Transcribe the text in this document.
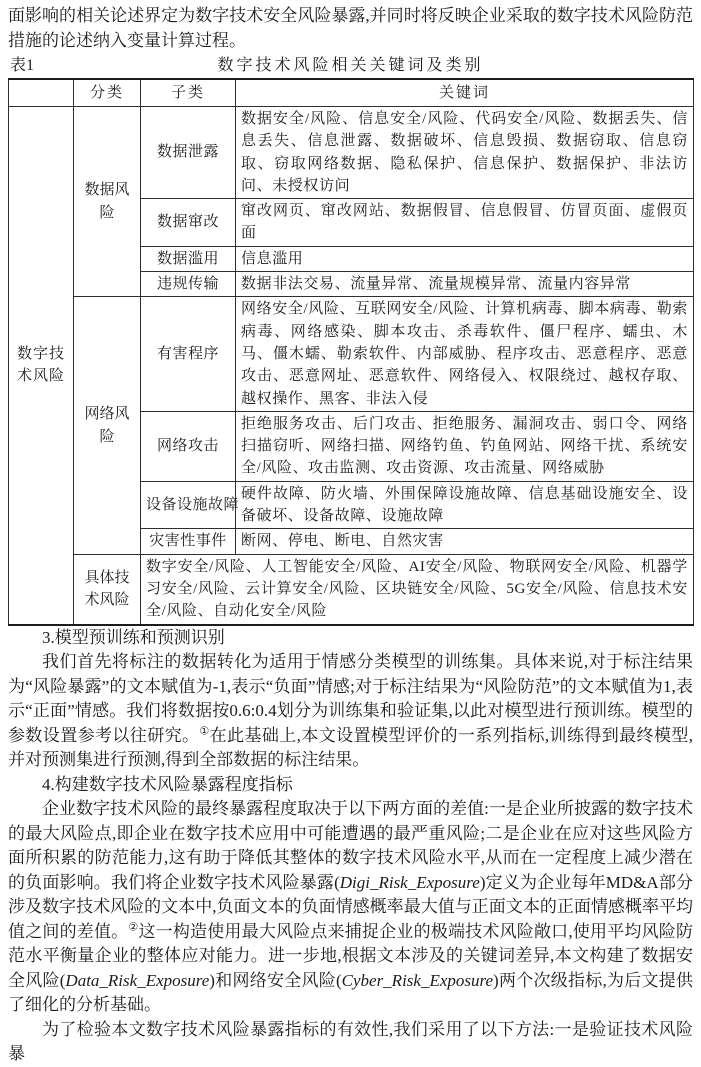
面影响的相关论述界定为数字技术安全风险暴露,并同时将反映企业采取的数字技术风险防范措施的论述纳入变量计算过程。

表1	数字技术风险相关关键词及类别
	分类	子类	关键词
数字技术风险	数据风险	数据泄露	数据安全/风险、信息安全/风险、代码安全/风险、数据丢失、信息丢失、信息泄露、数据破坏、信息毁损、数据窃取、信息窃取、窃取网络数据、隐私保护、信息保护、数据保护、非法访问、未授权访问
		数据窜改	窜改网页、窜改网站、数据假冒、信息假冒、仿冒页面、虚假页面
		数据滥用	信息滥用
		违规传输	数据非法交易、流量异常、流量规模异常、流量内容异常
	网络风险	有害程序	网络安全/风险、互联网安全/风险、计算机病毒、脚本病毒、勒索病毒、网络感染、脚本攻击、杀毒软件、僵尸程序、蠕虫、木马、僵木蠕、勒索软件、内部威胁、程序攻击、恶意程序、恶意攻击、恶意网址、恶意软件、网络侵入、权限绕过、越权存取、越权操作、黑客、非法入侵
		网络攻击	拒绝服务攻击、后门攻击、拒绝服务、漏洞攻击、弱口令、网络扫描窃听、网络扫描、网络钓鱼、钓鱼网站、网络干扰、系统安全/风险、攻击监测、攻击资源、攻击流量、网络威胁
		设备设施故障	硬件故障、防火墙、外围保障设施故障、信息基础设施安全、设备破坏、设备故障、设施故障
		灾害性事件	断网、停电、断电、自然灾害
	具体技术风险	数字安全/风险、人工智能安全/风险、AI安全/风险、物联网安全/风险、机器学习安全/风险、云计算安全/风险、区块链安全/风险、5G安全/风险、信息技术安全/风险、自动化安全/风险	

3.模型预训练和预测识别

我们首先将标注的数据转化为适用于情感分类模型的训练集。具体来说,对于标注结果为“风险暴露”的文本赋值为-1,表示“负面”情感;对于标注结果为“风险防范”的文本赋值为1,表示“正面”情感。我们将数据按0.6:0.4划分为训练集和验证集,以此对模型进行预训练。模型的参数设置参考以往研究。①在此基础上,本文设置模型评价的一系列指标,训练得到最终模型,并对预测集进行预测,得到全部数据的标注结果。

4.构建数字技术风险暴露程度指标

企业数字技术风险的最终暴露程度取决于以下两方面的差值:一是企业所披露的数字技术的最大风险点,即企业在数字技术应用中可能遭遇的最严重风险;二是企业在应对这些风险方面所积累的防范能力,这有助于降低其整体的数字技术风险水平,从而在一定程度上减少潜在的负面影响。我们将企业数字技术风险暴露(Digi_Risk_Exposure)定义为企业每年MD&A部分涉及数字技术风险的文本中,负面文本的负面情感概率最大值与正面文本的正面情感概率平均值之间的差值。②这一构造使用最大风险点来捕捉企业的极端技术风险敞口,使用平均风险防范水平衡量企业的整体应对能力。进一步地,根据文本涉及的关键词差异,本文构建了数据安全风险(Data_Risk_Exposure)和网络安全风险(Cyber_Risk_Exposure)两个次级指标,为后文提供了细化的分析基础。

为了检验本文数字技术风险暴露指标的有效性,我们采用了以下方法:一是验证技术风险暴
